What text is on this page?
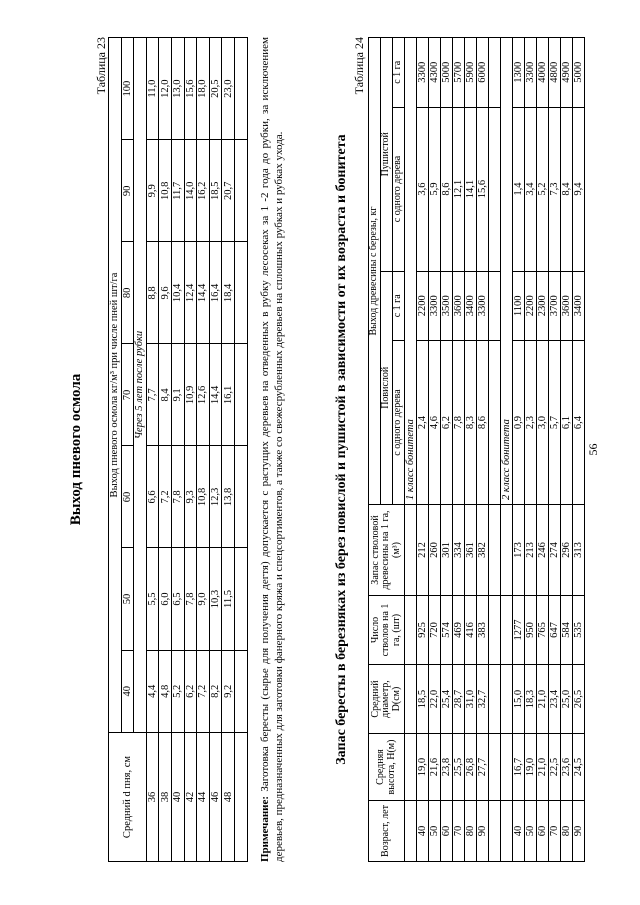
Выход пневого осмола
Таблица 23
Средний d пня, см	Выход пневого осмола кг/м³ при числе пней шт/га						
	40	50	60	70	80	90	100
	Через 5 лет после рубки						
36	4,4	5,5	6,6	7,7	8,8	9,9	11,0
38	4,8	6,0	7,2	8,4	9,6	10,8	12,0
40	5,2	6,5	7,8	9,1	10,4	11,7	13,0
42	6,2	7,8	9,3	10,9	12,4	14,0	15,6
44	7,2	9,0	10,8	12,6	14,4	16,2	18,0
46	8,2	10,3	12,3	14,4	16,4	18,5	20,5
48	9,2	11,5	13,8	16,1	18,4	20,7	23,0

Примечание: Заготовка бересты (сырье для получения дегтя) допускается с растущих деревьев на отведенных в рубку лесосеках за 1 -2 года до рубки, за исключением деревьев, предназначенных для заготовки фанерного кряжа и спецсортиментов, а также со свежесрубленных деревьев на сплошных рубках и рубках ухода.	Запас бересты в березняках из берез повислой и пушистой в зависимости от их возраста и бонитета
Таблица 24
Возраст, лет	Средняя высота, Н(м)	Средний диаметр, D(см)	Число стволов на 1 га, (шт)	Запас стволовой древесины на 1 га, (м³)	Выход древесины с березы, кг			
					Повислой		Пушистой	
					с одного дерева	с 1 га	с одного дерева	с 1 га
					1 класс бонитета			
40	19,0	18,5	925	212	2,4	2200	3,6	3300
50	21,6	22,0	720	260	4,6	3300	5,9	4300
60	23,8	25,4	574	301	6,2	3500	8,6	5000
70	25,5	28,7	469	334	7,8	3600	12,1	5700
80	26,8	31,0	416	361	8,3	3400	14,1	5900
90	27,7	32,7	383	382	8,6	3300	15,6	6000

					2 класс бонитета			
40	16,7	15,0	1277	173	0,9	1100	1,4	1300
50	19,0	18,3	950	213	2,3	2200	3,4	3300
60	21,0	21,0	765	246	3,0	2300	5,2	4000
70	22,5	23,4	647	274	5,7	3700	7,3	4800
80	23,6	25,0	584	296	6,1	3600	8,4	4900
90	24,5	26,5	535	313	6,4	3400	9,4	5000
56
